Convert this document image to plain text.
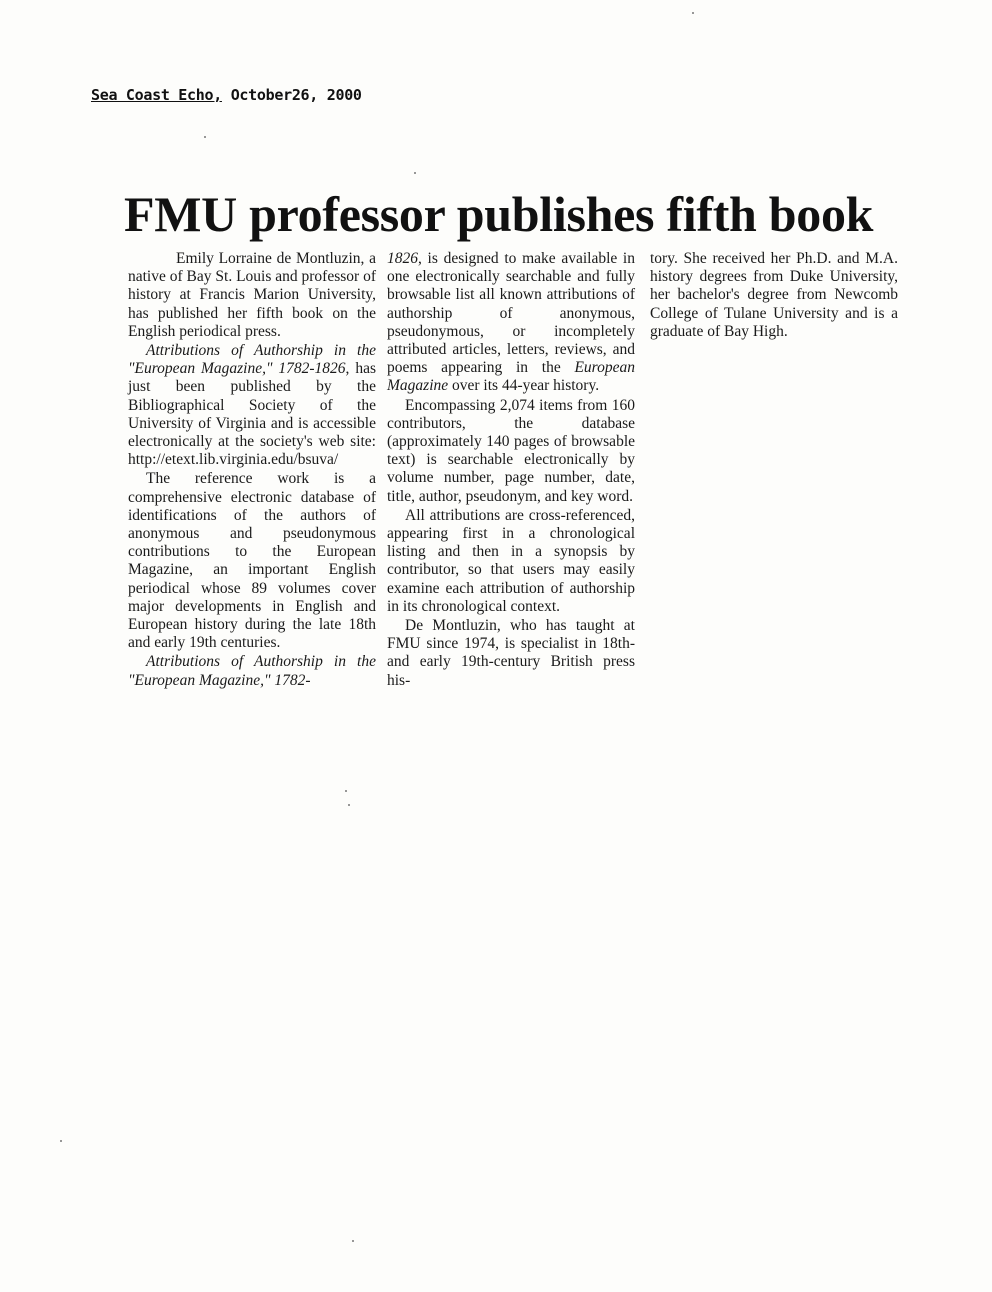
Sea Coast Echo, October26, 2000
FMU professor publishes fifth book

Emily Lorraine de Montluzin, a native of Bay St. Louis and professor of history at Francis Marion University, has published her fifth book on the English periodical press.

Attributions of Authorship in the "European Magazine," 1782-1826, has just been published by the Bibliographical Society of the University of Virginia and is accessible electronically at the society's web site: http://etext.lib.virginia.edu/bsuva/

The reference work is a comprehensive electronic database of identifications of the authors of anonymous and pseudonymous contributions to the European Magazine, an important English periodical whose 89 volumes cover major developments in English and European history during the late 18th and early 19th centuries.

Attributions of Authorship in the "European Magazine," 1782-

1826, is designed to make available in one electronically searchable and fully browsable list all known attributions of authorship of anonymous, pseudonymous, or incompletely attributed articles, letters, reviews, and poems appearing in the European Magazine over its 44-year history.

Encompassing 2,074 items from 160 contributors, the database (approximately 140 pages of browsable text) is searchable electronically by volume number, page number, date, title, author, pseudonym, and key word.

All attributions are cross-referenced, appearing first in a chronological listing and then in a synopsis by contributor, so that users may easily examine each attribution of authorship in its chronological context.

De Montluzin, who has taught at FMU since 1974, is specialist in 18th- and early 19th-century British press his-

tory. She received her Ph.D. and M.A. history degrees from Duke University, her bachelor's degree from Newcomb College of Tulane University and is a graduate of Bay High.
